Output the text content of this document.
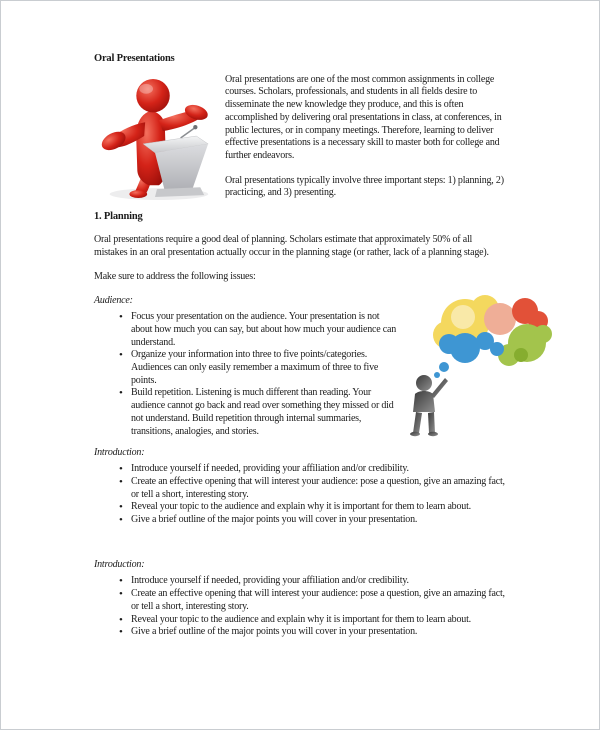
Oral Presentations

Oral presentations are one of the most common assignments in college courses. Scholars, professionals, and students in all fields desire to disseminate the new knowledge they produce, and this is often accomplished by delivering oral presentations in class, at conferences, in public lectures, or in company meetings. Therefore, learning to deliver effective presentations is a necessary skill to master both for college and further endeavors.

Oral presentations typically involve three important steps: 1) planning, 2) practicing, and 3) presenting.

1. Planning

Oral presentations require a good deal of planning. Scholars estimate that approximately 50% of all mistakes in an oral presentation actually occur in the planning stage (or rather, lack of a planning stage).

Make sure to address the following issues:

Audience:
• Focus your presentation on the audience. Your presentation is not about how much you can say, but about how much your audience can understand.
• Organize your information into three to five points/categories. Audiences can only easily remember a maximum of three to five points.
• Build repetition. Listening is much different than reading. Your audience cannot go back and read over something they missed or did not understand. Build repetition through internal summaries, transitions, analogies, and stories.
Introduction:
• Introduce yourself if needed, providing your affiliation and/or credibility.
• Create an effective opening that will interest your audience: pose a question, give an amazing fact, or tell a short, interesting story.
• Reveal your topic to the audience and explain why it is important for them to learn about.
• Give a brief outline of the major points you will cover in your presentation.
Introduction:
• Introduce yourself if needed, providing your affiliation and/or credibility.
• Create an effective opening that will interest your audience: pose a question, give an amazing fact, or tell a short, interesting story.
• Reveal your topic to the audience and explain why it is important for them to learn about.
• Give a brief outline of the major points you will cover in your presentation.
